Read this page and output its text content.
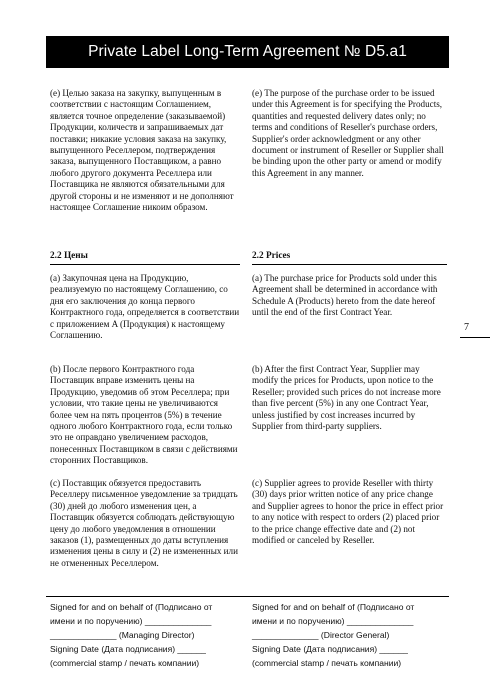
Private Label Long-Term Agreement № D5.a1
(e) Целью заказа на закупку, выпущенным в соответствии с настоящим Соглашением, является точное определение (заказываемой) Продукции, количеств и запрашиваемых дат поставки; никакие условия заказа на закупку, выпущенного Реселлером, подтверждения заказа, выпущенного Поставщиком, а равно любого другого документа Реселлера или Поставщика не являются обязательными для другой стороны и не изменяют и не дополняют настоящее Соглашение никоим образом.
(e) The purpose of the purchase order to be issued under this Agreement is for specifying the Products, quantities and requested delivery dates only; no terms and conditions of Reseller's purchase orders, Supplier's order acknowledgment or any other document or instrument of Reseller or Supplier shall be binding upon the other party or amend or modify this Agreement in any manner.
2.2 Цены	2.2 Prices
(a) Закупочная цена на Продукцию, реализуемую по настоящему Соглашению, со дня его заключения до конца первого Контрактного года, определяется в соответствии с приложением A (Продукция) к настоящему Соглашению.
(a) The purchase price for Products sold under this Agreement shall be determined in accordance with Schedule A (Products) hereto from the date hereof until the end of the first Contract Year.
(b) После первого Контрактного года Поставщик вправе изменить цены на Продукцию, уведомив об этом Реселлера; при условии, что такие цены не увеличиваются более чем на пять процентов (5%) в течение одного любого Контрактного года, если только это не оправдано увеличением расходов, понесенных Поставщиком в связи с действиями сторонних Поставщиков.
(b) After the first Contract Year, Supplier may modify the prices for Products, upon notice to the Reseller; provided such prices do not increase more than five percent (5%) in any one Contract Year, unless justified by cost increases incurred by Supplier from third-party suppliers.
(c) Поставщик обязуется предоставить Реселлеру письменное уведомление за тридцать (30) дней до любого изменения цен, а Поставщик обязуется соблюдать действующую цену до любого уведомления в отношении заказов (1), размещенных до даты вступления изменения цены в силу и (2) не измененных или не отмененных Реселлером.
(c) Supplier agrees to provide Reseller with thirty (30) days prior written notice of any price change and Supplier agrees to honor the price in effect prior to any notice with respect to orders (2) placed prior to the price change effective date and (2) not modified or canceled by Reseller.
7
Signed for and on behalf of (Подписано от
имени и по поручению) ______________
______________ (Managing Director)
Signing Date (Дата подписания) ______
(commercial stamp / печать компании)
Signed for and on behalf of (Подписано от
имени и по поручению) ______________
______________ (Director General)
Signing Date (Дата подписания) ______
(commercial stamp / печать компании)
